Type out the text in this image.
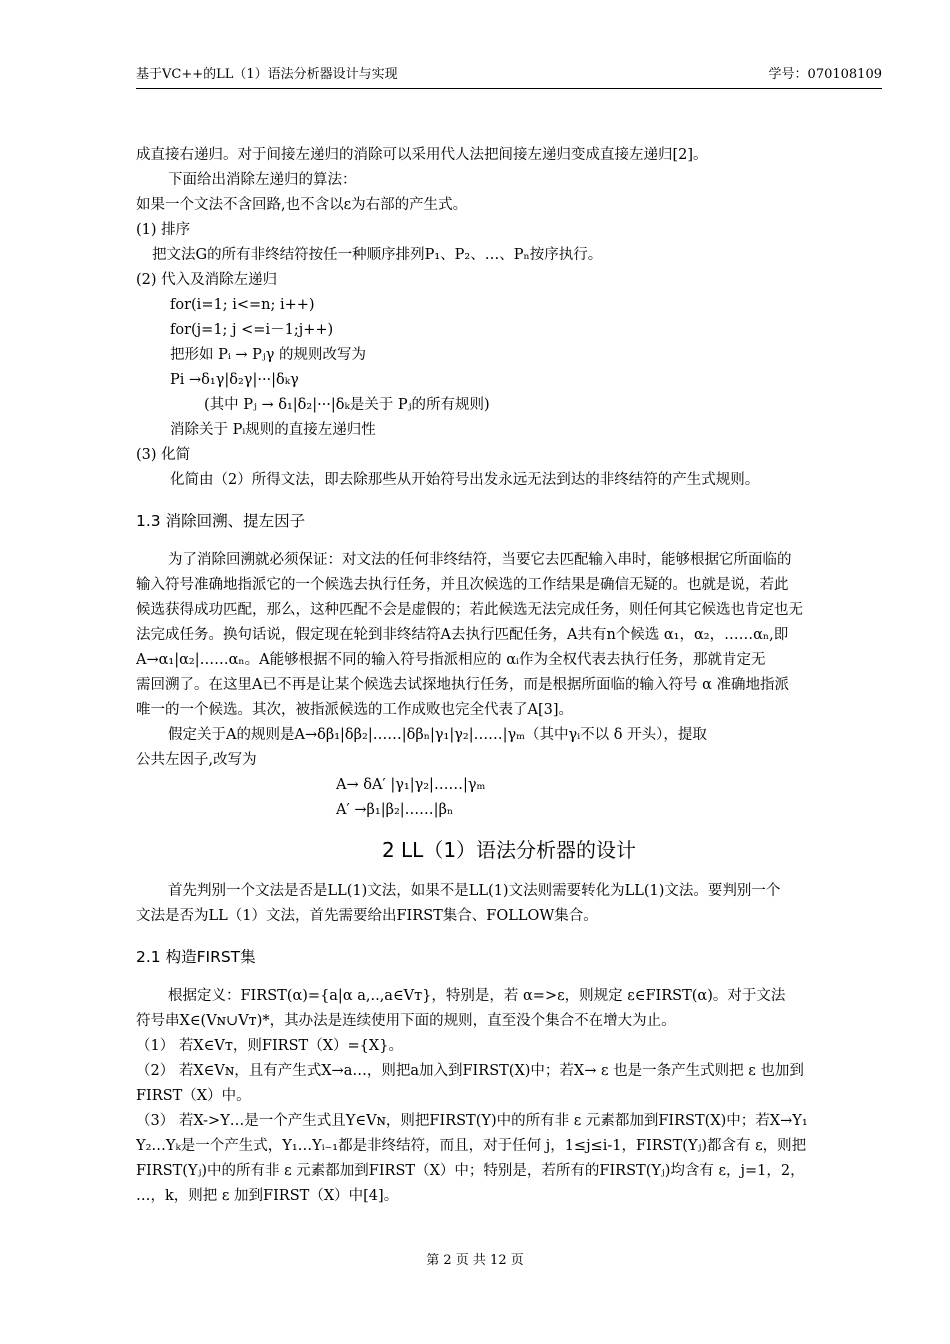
基于VC++的LL（1）语法分析器设计与实现	学号：070108109
成直接右递归。对于间接左递归的消除可以采用代人法把间接左递归变成直接左递归[2]。
下面给出消除左递归的算法：
如果一个文法不含回路,也不含以ε为右部的产生式。
(1) 排序
把文法G的所有非终结符按任一种顺序排列P₁、P₂、…、Pₙ按序执行。
(2) 代入及消除左递归
for(i=1; i<=n; i++)
for(j=1; j <=i－1;j++)
把形如 Pᵢ → Pⱼγ 的规则改写为
Pi →δ₁γ|δ₂γ|···|δₖγ
(其中 Pⱼ → δ₁|δ₂|···|δₖ是关于 Pⱼ的所有规则)
消除关于 Pᵢ规则的直接左递归性
(3) 化简
化简由（2）所得文法，即去除那些从开始符号出发永远无法到达的非终结符的产生式规则。
1.3 消除回溯、提左因子
为了消除回溯就必须保证：对文法的任何非终结符，当要它去匹配输入串时，能够根据它所面临的
输入符号准确地指派它的一个候选去执行任务，并且次候选的工作结果是确信无疑的。也就是说，若此
候选获得成功匹配，那么，这种匹配不会是虚假的；若此候选无法完成任务，则任何其它候选也肯定也无
法完成任务。换句话说，假定现在轮到非终结符A去执行匹配任务，A共有n个候选 α₁，α₂，……αₙ,即
A→α₁|α₂|……αₙ。A能够根据不同的输入符号指派相应的 αᵢ作为全权代表去执行任务，那就肯定无
需回溯了。在这里A已不再是让某个候选去试探地执行任务，而是根据所面临的输入符号 α 准确地指派
唯一的一个候选。其次，被指派候选的工作成败也完全代表了A[3]。
假定关于A的规则是A→δβ₁|δβ₂|……|δβₙ|γ₁|γ₂|……|γₘ（其中γᵢ不以 δ 开头），提取
公共左因子,改写为
A→ δA′ |γ₁|γ₂|……|γₘ
A′ →β₁|β₂|……|βₙ
2 LL（1）语法分析器的设计
首先判别一个文法是否是LL(1)文法，如果不是LL(1)文法则需要转化为LL(1)文法。要判别一个
文法是否为LL（1）文法，首先需要给出FIRST集合、FOLLOW集合。
2.1 构造FIRST集
根据定义：FIRST(α)={a|α a,..,a∈Vᴛ}，特别是，若 α=>ε，则规定 ε∈FIRST(α)。对于文法
符号串X∈(Vɴ∪Vᴛ)*，其办法是连续使用下面的规则，直至没个集合不在增大为止。
（1） 若X∈Vᴛ，则FIRST（X）={X}。
（2） 若X∈Vɴ，且有产生式X→a…，则把a加入到FIRST(X)中；若X→ ε 也是一条产生式则把 ε 也加到
FIRST（X）中。
（3） 若X->Y…是一个产生式且Y∈Vɴ，则把FIRST(Y)中的所有非 ε 元素都加到FIRST(X)中；若X→Y₁
Y₂…Yₖ是一个产生式，Y₁…Yᵢ₋₁都是非终结符，而且，对于任何 j，1≤j≤i-1，FIRST(Yⱼ)都含有 ε，则把
FIRST(Yⱼ)中的所有非 ε 元素都加到FIRST（X）中；特别是，若所有的FIRST(Yⱼ)均含有 ε，j=1，2，
…，k，则把 ε 加到FIRST（X）中[4]。
第 2 页 共 12 页
